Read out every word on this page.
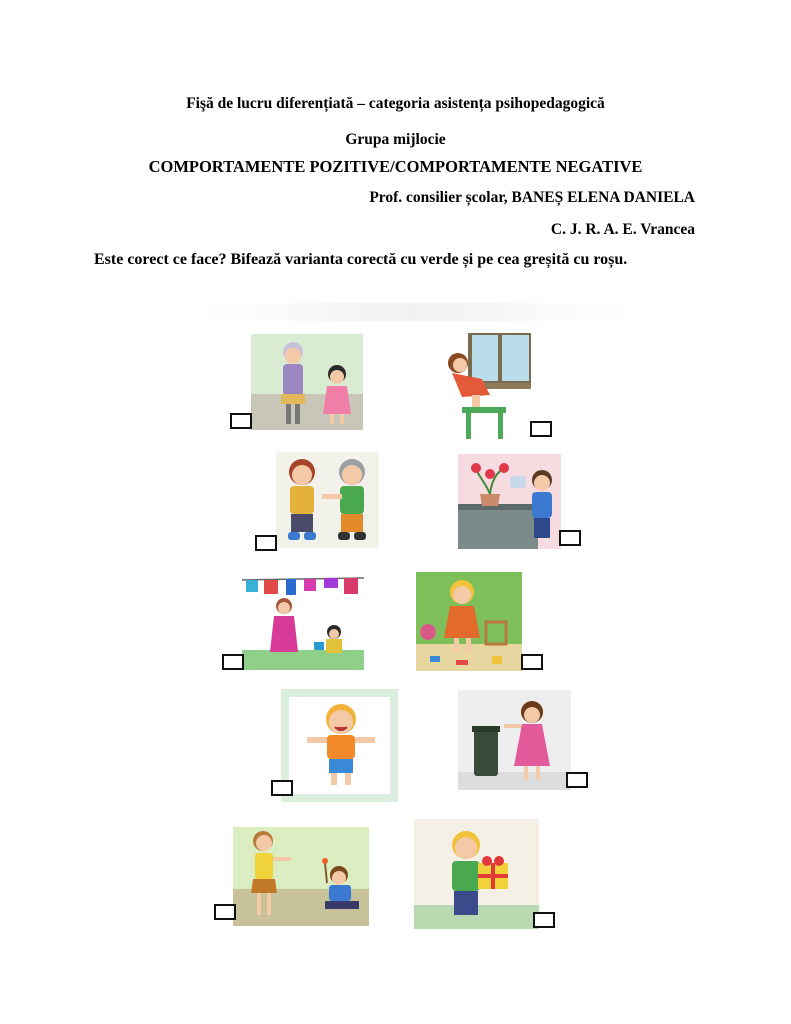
Fişă de lucru diferențiată – categoria asistența psihopedagogică
Grupa mijlocie
COMPORTAMENTE POZITIVE/COMPORTAMENTE NEGATIVE
Prof. consilier școlar, BANEȘ ELENA DANIELA
C. J. R. A. E. Vrancea
Este corect ce face? Bifează varianta corectă cu verde și pe cea greșită cu roșu.
